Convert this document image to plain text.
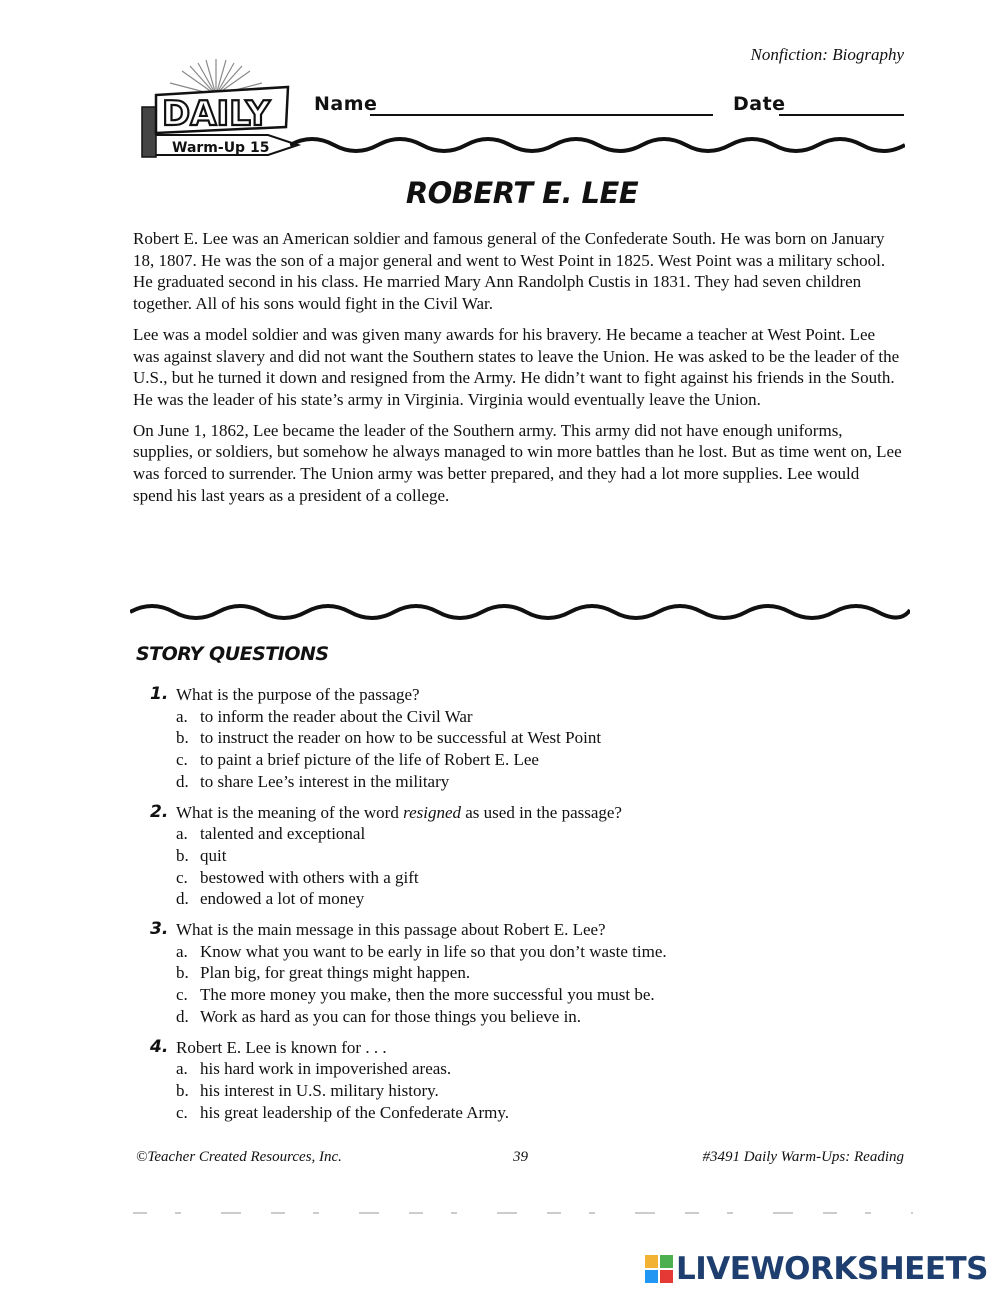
Nonfiction: Biography
DAILY
Warm-Up 15
Name	Date
ROBERT E. LEE

Robert E. Lee was an American soldier and famous general of the Confederate South. He was born on January 18, 1807. He was the son of a major general and went to West Point in 1825. West Point was a military school. He graduated second in his class. He married Mary Ann Randolph Custis in 1831. They had seven children together. All of his sons would fight in the Civil War.

Lee was a model soldier and was given many awards for his bravery. He became a teacher at West Point. Lee was against slavery and did not want the Southern states to leave the Union. He was asked to be the leader of the U.S., but he turned it down and resigned from the Army. He didn’t want to fight against his friends in the South. He was the leader of his state’s army in Virginia. Virginia would eventually leave the Union.

On June 1, 1862, Lee became the leader of the Southern army. This army did not have enough uniforms, supplies, or soldiers, but somehow he always managed to win more battles than he lost. But as time went on, Lee was forced to surrender. The Union army was better prepared, and they had a lot more supplies. Lee would spend his last years as a president of a college.

STORY QUESTIONS
1. What is the purpose of the passage?
a. to inform the reader about the Civil War
b. to instruct the reader on how to be successful at West Point
c. to paint a brief picture of the life of Robert E. Lee
d. to share Lee’s interest in the military
2. What is the meaning of the word resigned as used in the passage?
a. talented and exceptional
b. quit
c. bestowed with others with a gift
d. endowed a lot of money
3. What is the main message in this passage about Robert E. Lee?
a. Know what you want to be early in life so that you don’t waste time.
b. Plan big, for great things might happen.
c. The more money you make, then the more successful you must be.
d. Work as hard as you can for those things you believe in.
4. Robert E. Lee is known for . . .
a. his hard work in impoverished areas.
b. his interest in U.S. military history.
c. his great leadership of the Confederate Army.
©Teacher Created Resources, Inc.	39	#3491 Daily Warm-Ups: Reading
LIVEWORKSHEETS
